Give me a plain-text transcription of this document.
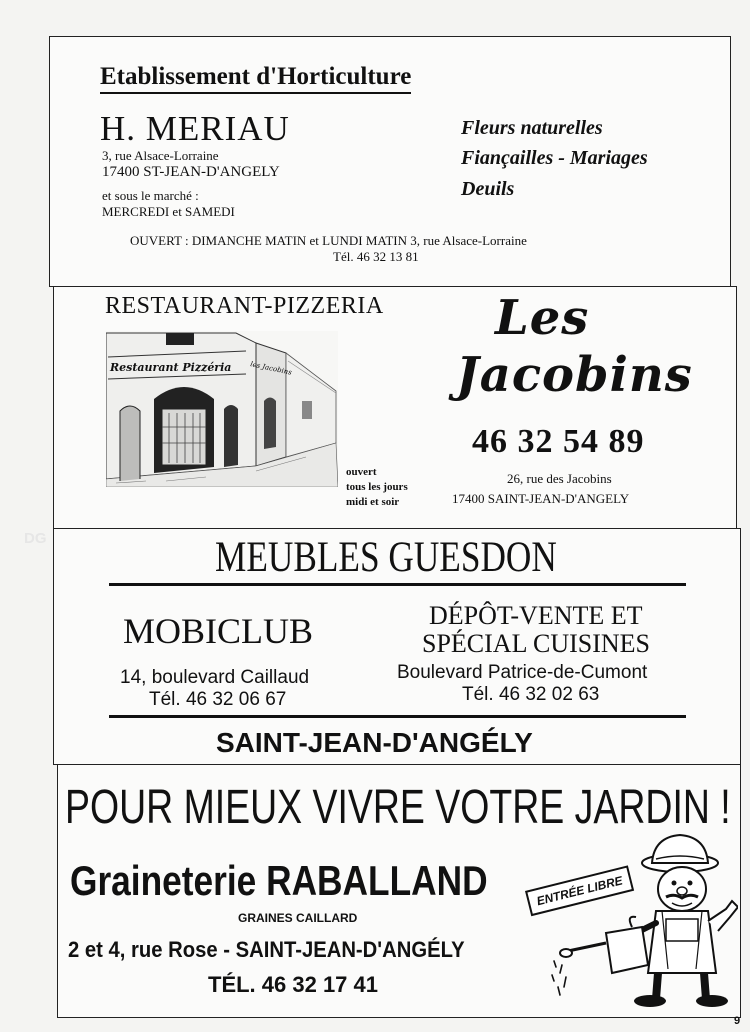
Etablissement d'Horticulture
H. MERIAU
3, rue Alsace-Lorraine
17400 ST-JEAN-D'ANGELY
et sous le marché :
MERCREDI et SAMEDI
Fleurs naturelles
Fiançailles - Mariages
Deuils
OUVERT : DIMANCHE MATIN et LUNDI MATIN 3, rue Alsace-Lorraine
Tél. 46 32 13 81
RESTAURANT-PIZZERIA
Restaurant Pizzéria	les Jacobins
ouvert
tous les jours
midi et soir
Les
Jacobins
46 32 54 89
26, rue des Jacobins
17400 SAINT-JEAN-D'ANGELY
DG	MEUBLES GUESDON
MOBICLUB
14, boulevard Caillaud
Tél. 46 32 06 67
DÉPÔT-VENTE ET
SPÉCIAL CUISINES
Boulevard Patrice-de-Cumont
Tél. 46 32 02 63
SAINT-JEAN-D'ANGÉLY
POUR MIEUX VIVRE VOTRE JARDIN !
Graineterie RABALLAND	ENTRÉE LIBRE
GRAINES CAILLARD
2 et 4, rue Rose - SAINT-JEAN-D'ANGÉLY
TÉL. 46 32 17 41
9
